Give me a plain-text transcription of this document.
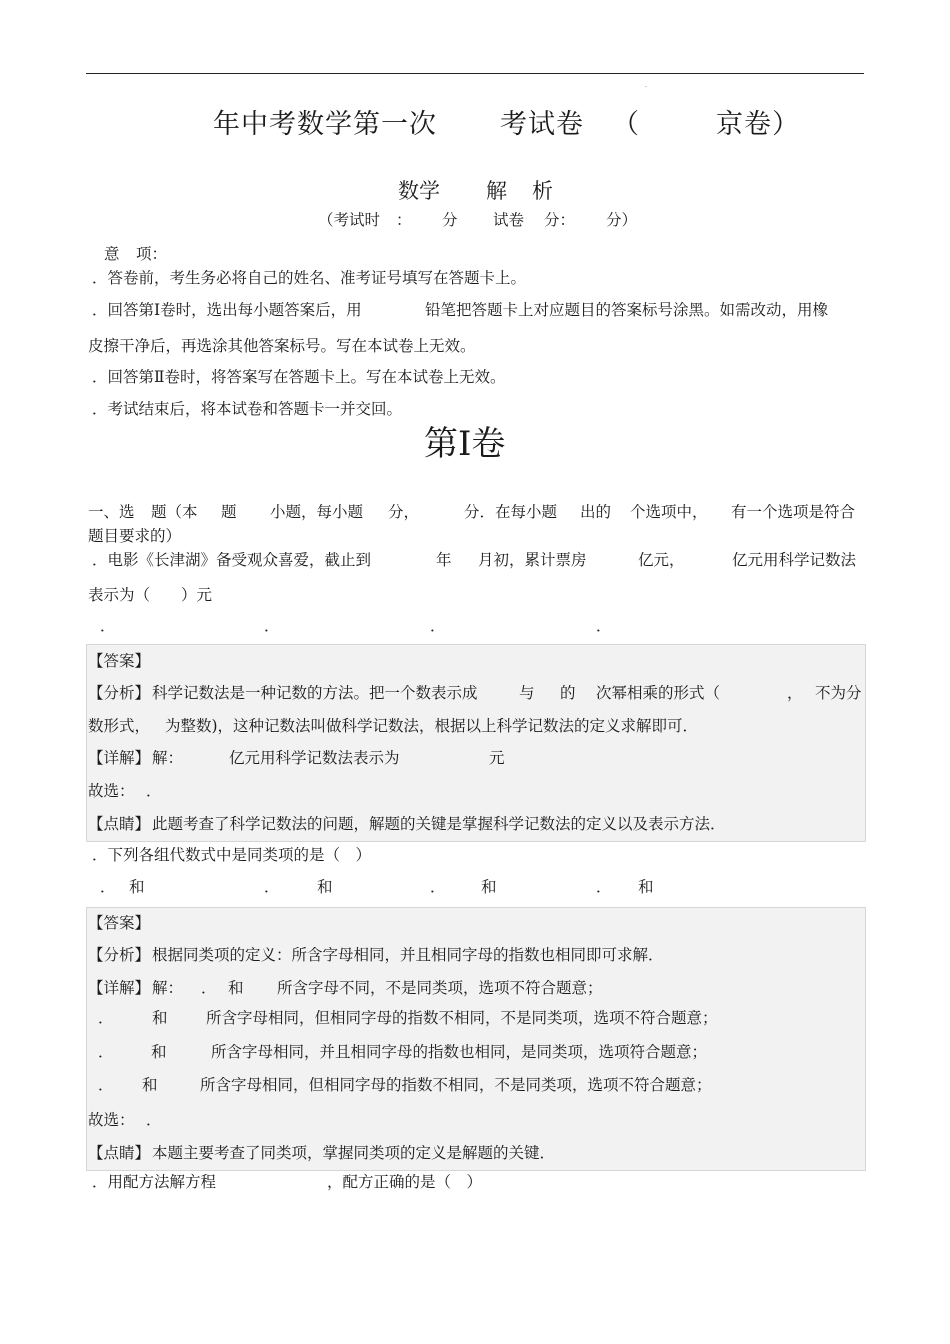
·
年中考数学第一次 考试卷 （	京卷）
数学 解 析
（考试时 ： 分 试卷 分： 分）
意 项：
．答卷前，考生务必将自己的姓名、准考证号填写在答题卡上。
．回答第Ⅰ卷时，选出每小题答案后，用	铅笔把答题卡上对应题目的答案标号涂黑。如需改动，用橡
皮擦干净后，再选涂其他答案标号。写在本试卷上无效。
．回答第Ⅱ卷时，将答案写在答题卡上。写在本试卷上无效。
．考试结束后，将本试卷和答题卡一并交回。
第Ⅰ卷
一、选 题（本 题 小题，每小题 分，	分．在每小题 出的 个选项中， 有一个选项是符合
题目要求的）
．电影《长津湖》备受观众喜爱，截止到	年 月初，累计票房	亿元，	亿元用科学记数法
表示为（　　）元
．	．	．	．
【答案】
【分析】 科学记数法是一种记数的方法。把一个数表示成	与 的 次幂相乘的形式（	， 不为分
数形式， 为整数)，这种记数法叫做科学记数法，根据以上科学记数法的定义求解即可．
【详解】 解：	亿元用科学记数法表示为	元
故选： ．
【点睛】 此题考查了科学记数法的问题，解题的关键是掌握科学记数法的定义以及表示方法．
．下列各组代数式中是同类项的是（　）
． 和	． 和	． 和	． 和
【答案】
【分析】 根据同类项的定义：所含字母相同，并且相同字母的指数也相同即可求解．
【详解】 解： ． 和 所含字母不同，不是同类项，选项不符合题意；
． 和 所含字母相同，但相同字母的指数不相同，不是同类项，选项不符合题意；
． 和	所含字母相同，并且相同字母的指数也相同，是同类项，选项符合题意；
． 和	所含字母相同，但相同字母的指数不相同，不是同类项，选项不符合题意；
故选： ．
【点睛】 本题主要考查了同类项，掌握同类项的定义是解题的关键．
．用配方法解方程	，配方正确的是（　）
